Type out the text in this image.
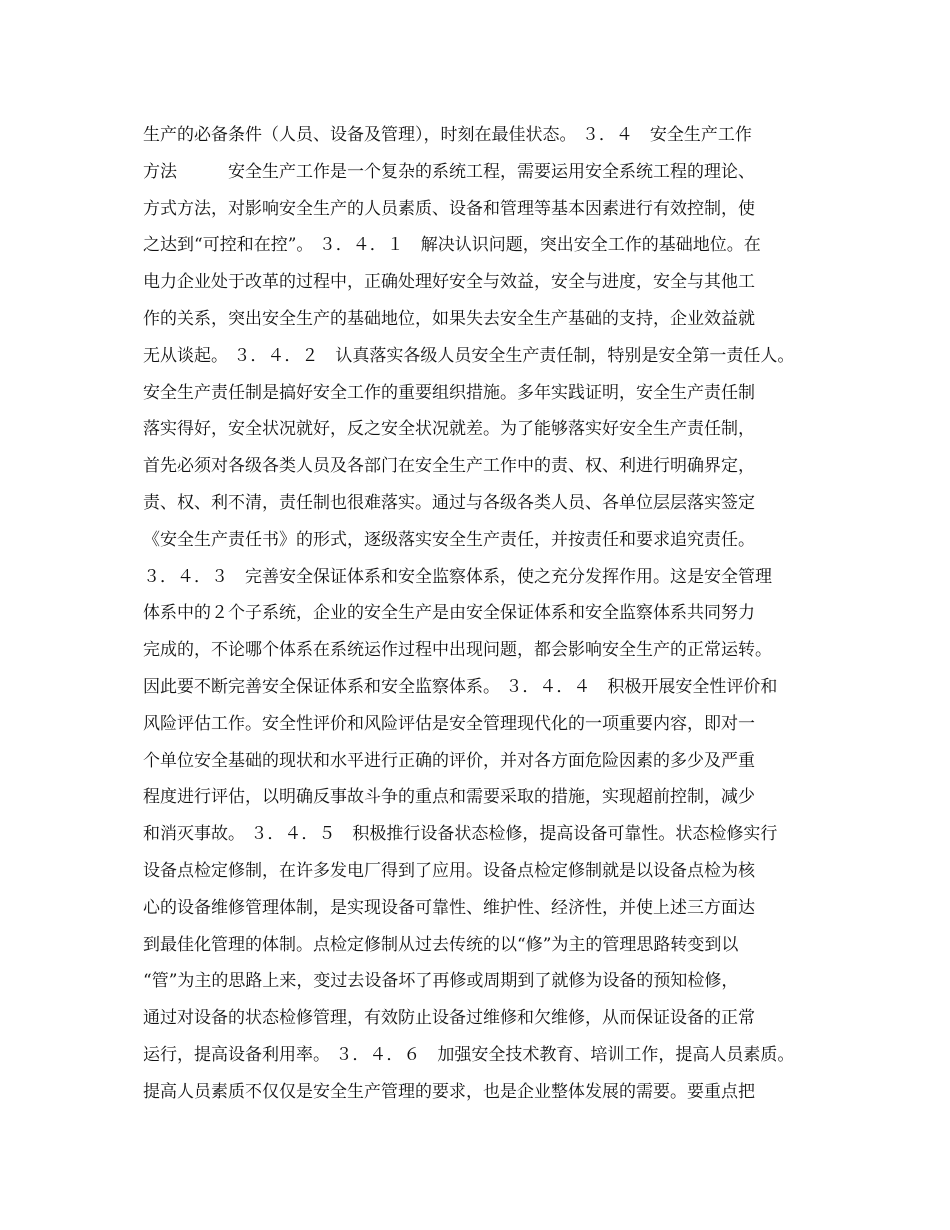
生产的必备条件（人员、设备及管理），时刻在最佳状态。 ３．４　安全生产工作
方法　　　安全生产工作是一个复杂的系统工程，需要运用安全系统工程的理论、
方式方法，对影响安全生产的人员素质、设备和管理等基本因素进行有效控制，使
之达到“可控和在控”。 ３．４．１　解决认识问题，突出安全工作的基础地位。在
电力企业处于改革的过程中，正确处理好安全与效益，安全与进度，安全与其他工
作的关系，突出安全生产的基础地位，如果失去安全生产基础的支持，企业效益就
无从谈起。 ３．４．２　认真落实各级人员安全生产责任制，特别是安全第一责任人。
安全生产责任制是搞好安全工作的重要组织措施。多年实践证明，安全生产责任制
落实得好，安全状况就好，反之安全状况就差。为了能够落实好安全生产责任制，
首先必须对各级各类人员及各部门在安全生产工作中的责、权、利进行明确界定，
责、权、利不清，责任制也很难落实。通过与各级各类人员、各单位层层落实签定
《安全生产责任书》的形式，逐级落实安全生产责任，并按责任和要求追究责任。
３．４．３　完善安全保证体系和安全监察体系，使之充分发挥作用。这是安全管理
体系中的２个子系统，企业的安全生产是由安全保证体系和安全监察体系共同努力
完成的，不论哪个体系在系统运作过程中出现问题，都会影响安全生产的正常运转。
因此要不断完善安全保证体系和安全监察体系。 ３．４．４　积极开展安全性评价和
风险评估工作。安全性评价和风险评估是安全管理现代化的一项重要内容，即对一
个单位安全基础的现状和水平进行正确的评价，并对各方面危险因素的多少及严重
程度进行评估，以明确反事故斗争的重点和需要采取的措施，实现超前控制，减少
和消灭事故。 ３．４．５　积极推行设备状态检修，提高设备可靠性。状态检修实行
设备点检定修制，在许多发电厂得到了应用。设备点检定修制就是以设备点检为核
心的设备维修管理体制，是实现设备可靠性、维护性、经济性，并使上述三方面达
到最佳化管理的体制。点检定修制从过去传统的以“修”为主的管理思路转变到以
“管”为主的思路上来，变过去设备坏了再修或周期到了就修为设备的预知检修，
通过对设备的状态检修管理，有效防止设备过维修和欠维修，从而保证设备的正常
运行，提高设备利用率。 ３．４．６　加强安全技术教育、培训工作，提高人员素质。
提高人员素质不仅仅是安全生产管理的要求，也是企业整体发展的需要。要重点把
